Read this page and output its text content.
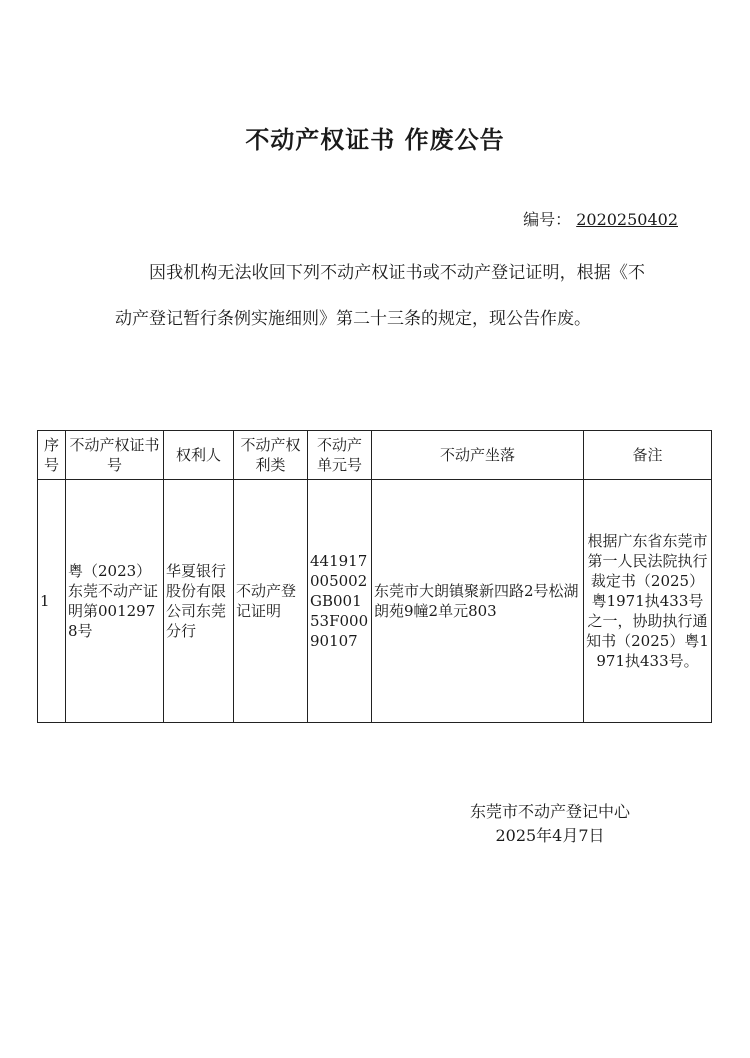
不动产权证书 作废公告
编号： 2020250402
因我机构无法收回下列不动产权证书或不动产登记证明，根据《不动产登记暂行条例实施细则》第二十三条的规定，现公告作废。
序号	不动产权证书号	权利人	不动产权利类	不动产单元号	不动产坐落	备注
1	粤（2023）东莞不动产证明第0012978号	华夏银行股份有限公司东莞分行	不动产登记证明	441917005002GB00153F00090107	东莞市大朗镇聚新四路2号松湖朗苑9幢2单元803	根据广东省东莞市第一人民法院执行裁定书（2025）粤1971执433号之一，协助执行通知书（2025）粤1971执433号。
东莞市不动产登记中心
2025年4月7日
